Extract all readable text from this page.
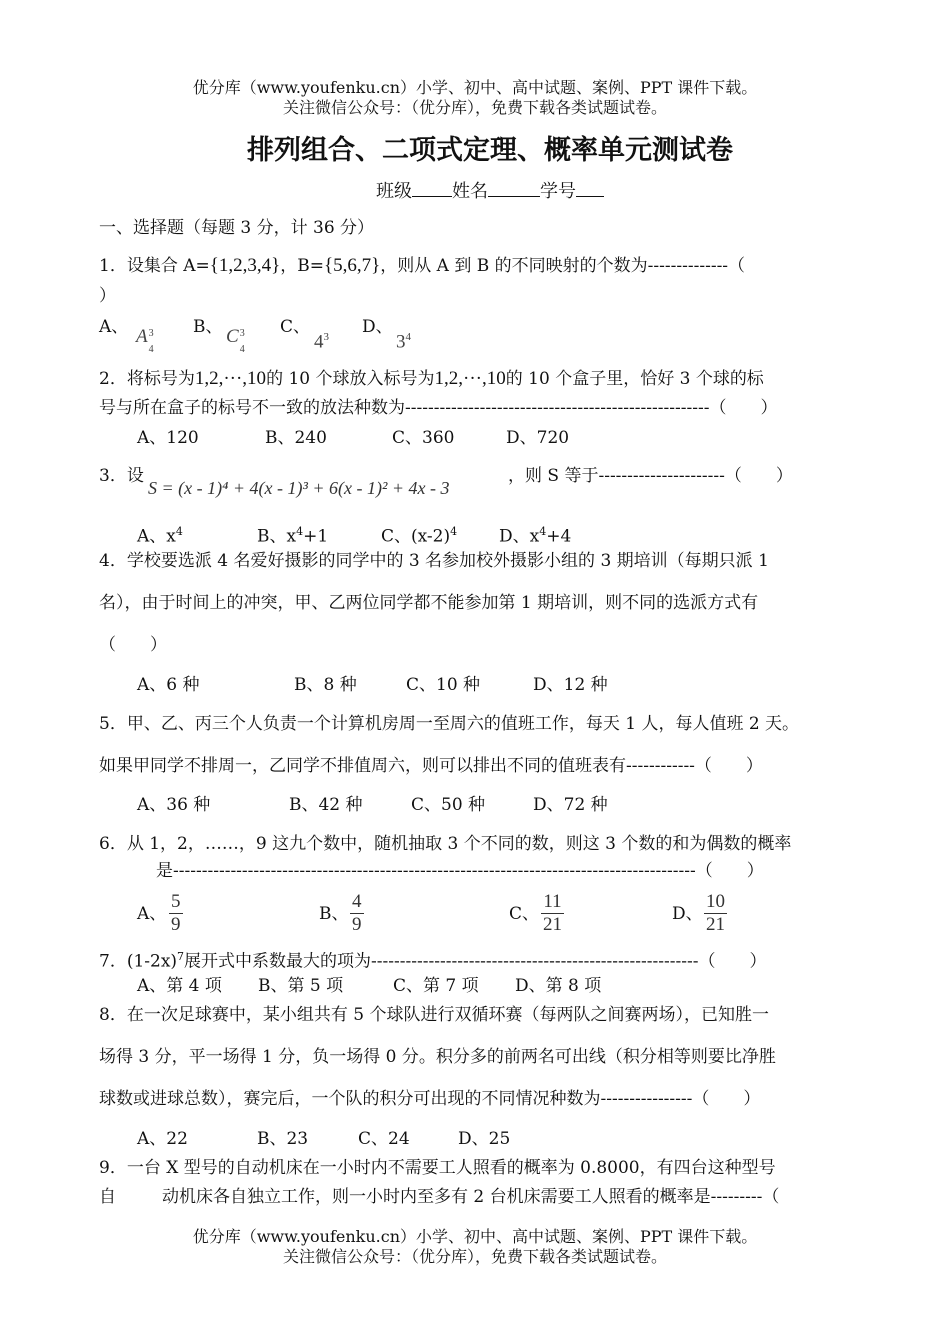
优分库（www.youfenku.cn）小学、初中、高中试题、案例、PPT 课件下载。
关注微信公众号：（优分库），免费下载各类试题试卷。
排列组合、二项式定理、概率单元测试卷
班级 姓名	学号
一、选择题（每题 3 分，计 36 分）
1．设集合 A={1,2,3,4}，B={5,6,7}，则从 A 到 B 的不同映射的个数为--------------（
）
A、 A 3
4
B、 C 3
4
C、
$4^3$ D、
$3^4$
2．将标号为1,2,···,10的 10 个球放入标号为1,2,···,10的 10 个盒子里，恰好 3 个球的标
号与所在盒子的标号不一致的放法种数为-----------------------------------------------------（　　）
A、120	B、240	C、360	D、720
3．设
S = (x - 1)⁴ + 4(x - 1)³ + 6(x - 1)² + 4x - 3
，则 S 等于----------------------（　　）
A、$x^4$	B、$x^4+1$	C、$(x-2)^4$ D、$x^4+4$
4．学校要选派 4 名爱好摄影的同学中的 3 名参加校外摄影小组的 3 期培训（每期只派 1
名），由于时间上的冲突，甲、乙两位同学都不能参加第 1 期培训，则不同的选派方式有
（　　）
A、6 种	B、8 种	C、10 种	D、12 种
5．甲、乙、丙三个人负责一个计算机房周一至周六的值班工作，每天 1 人，每人值班 2 天。
如果甲同学不排周一，乙同学不排值周六，则可以排出不同的值班表有------------（　　）
A、36 种	B、42 种	C、50 种	D、72 种
6．从 1，2，……，9 这九个数中，随机抽取 3 个不同的数，则这 3 个数的和为偶数的概率
是-------------------------------------------------------------------------------------------（　　）
A、 $\frac{5}{9}$	B、 $\frac{4}{9}$	C、 $\frac{11}{21}$	D、 $\frac{10}{21}$
7．$(1-2x)^7$展开式中系数最大的项为---------------------------------------------------------（　　）
A、第 4 项 B、第 5 项	C、第 7 项 D、第 8 项
8．在一次足球赛中，某小组共有 5 个球队进行双循环赛（每两队之间赛两场），已知胜一
场得 3 分，平一场得 1 分，负一场得 0 分。积分多的前两名可出线（积分相等则要比净胜
球数或进球总数），赛完后，一个队的积分可出现的不同情况种数为----------------（　　）
A、22	B、23	C、24	D、25
9．一台 X 型号的自动机床在一小时内不需要工人照看的概率为 0.8000，有四台这种型号
自	动机床各自独立工作，则一小时内至多有 2 台机床需要工人照看的概率是---------（
优分库（www.youfenku.cn）小学、初中、高中试题、案例、PPT 课件下载。
关注微信公众号：（优分库），免费下载各类试题试卷。
